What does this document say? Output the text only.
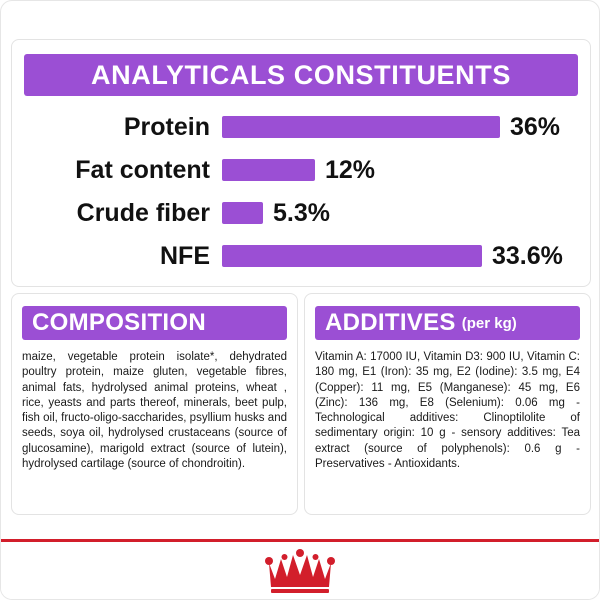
ANALYTICALS CONSTITUENTS
Protein	36%
Fat content	12%
Crude fiber	5.3%
NFE	33.6%
COMPOSITION
maize, vegetable protein isolate*, dehydrated poultry protein, maize gluten, vegetable fibres, animal fats, hydrolysed animal proteins, wheat , rice, yeasts and parts thereof, minerals, beet pulp, fish oil, fructo-oligo-saccharides, psyllium husks and seeds, soya oil, hydrolysed crustaceans (source of glucosamine), marigold extract (source of lutein), hydrolysed cartilage (source of chondroitin).
ADDITIVES (per kg)
Vitamin A: 17000 IU, Vitamin D3: 900 IU, Vitamin C: 180 mg, E1 (Iron): 35 mg, E2 (Iodine): 3.5 mg, E4 (Copper): 11 mg, E5 (Manganese): 45 mg, E6 (Zinc): 136 mg, E8 (Selenium): 0.06 mg - Technological additives: Clinoptilolite of sedimentary origin: 10 g - sensory additives: Tea extract (source of polyphenols): 0.6 g - Preservatives - Antioxidants.
